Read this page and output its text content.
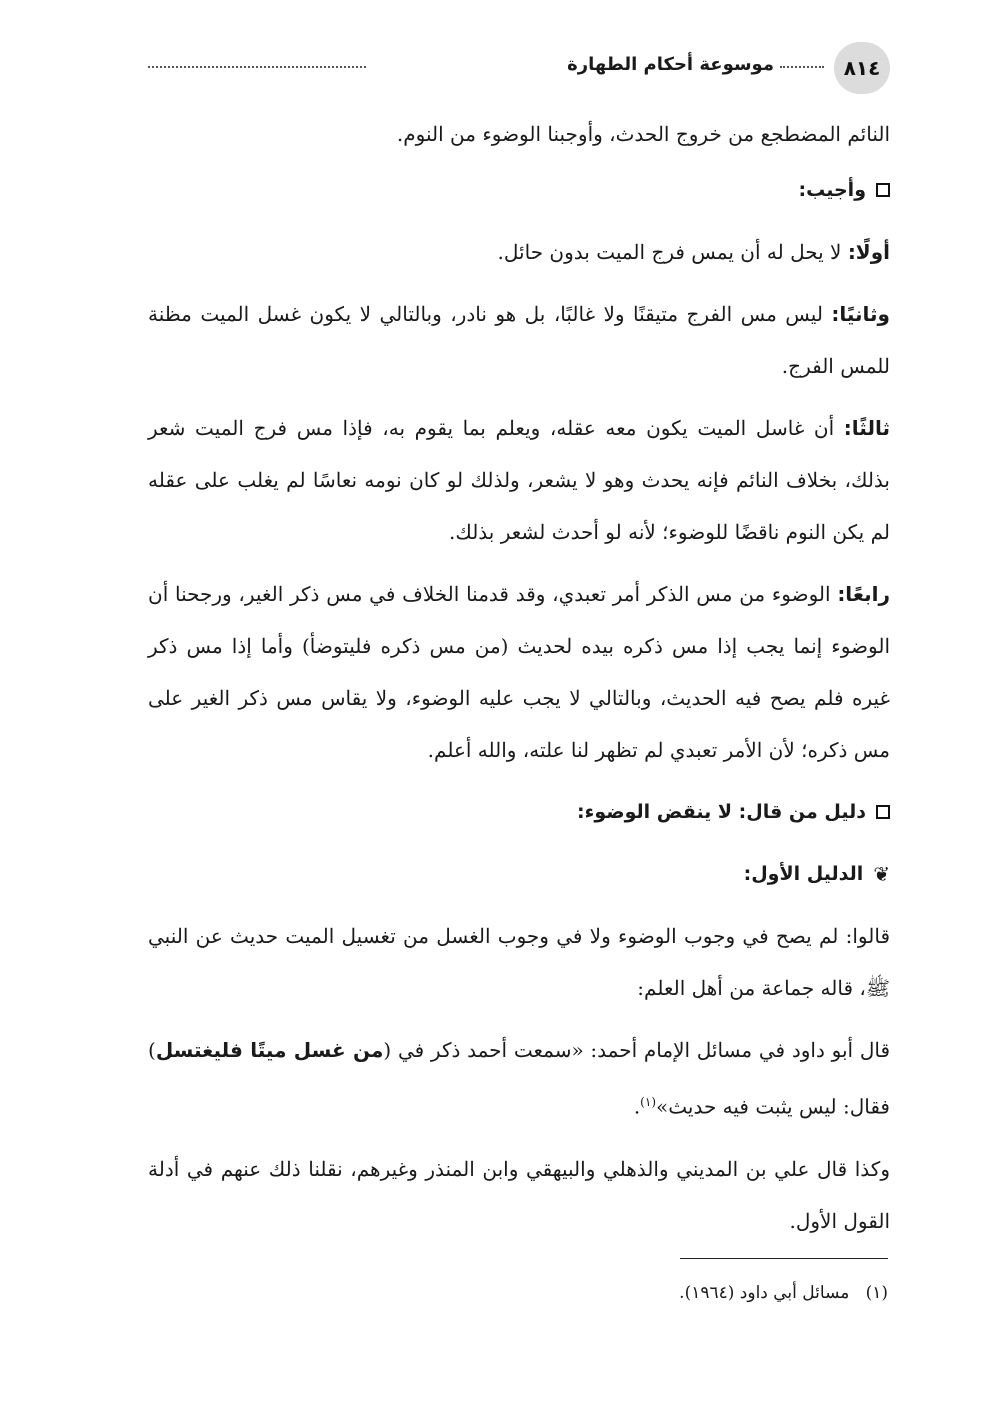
٨١٤
موسوعة أحكام الطهارة

النائم المضطجع من خروج الحدث، وأوجبنا الوضوء من النوم.

وأجيب:

أولًا: لا يحل له أن يمس فرج الميت بدون حائل.

وثانيًا: ليس مس الفرج متيقنًا ولا غالبًا، بل هو نادر، وبالتالي لا يكون غسل الميت مظنة للمس الفرج.

ثالثًا: أن غاسل الميت يكون معه عقله، ويعلم بما يقوم به، فإذا مس فرج الميت شعر بذلك، بخلاف النائم فإنه يحدث وهو لا يشعر، ولذلك لو كان نومه نعاسًا لم يغلب على عقله لم يكن النوم ناقضًا للوضوء؛ لأنه لو أحدث لشعر بذلك.

رابعًا: الوضوء من مس الذكر أمر تعبدي، وقد قدمنا الخلاف في مس ذكر الغير، ورجحنا أن الوضوء إنما يجب إذا مس ذكره بيده لحديث (من مس ذكره فليتوضأ) وأما إذا مس ذكر غيره فلم يصح فيه الحديث، وبالتالي لا يجب عليه الوضوء، ولا يقاس مس ذكر الغير على مس ذكره؛ لأن الأمر تعبدي لم تظهر لنا علته، والله أعلم.

دليل من قال: لا ينقض الوضوء:
❦
الدليل الأول:

قالوا: لم يصح في وجوب الوضوء ولا في وجوب الغسل من تغسيل الميت حديث عن النبي ﷺ، قاله جماعة من أهل العلم:

قال أبو داود في مسائل الإمام أحمد: «سمعت أحمد ذكر في (من غسل ميتًا فليغتسل) فقال: ليس يثبت فيه حديث»$^{(١)}$.

وكذا قال علي بن المديني والذهلي والبيهقي وابن المنذر وغيرهم، نقلنا ذلك عنهم في أدلة القول الأول.

(١)   مسائل أبي داود (١٩٦٤).
